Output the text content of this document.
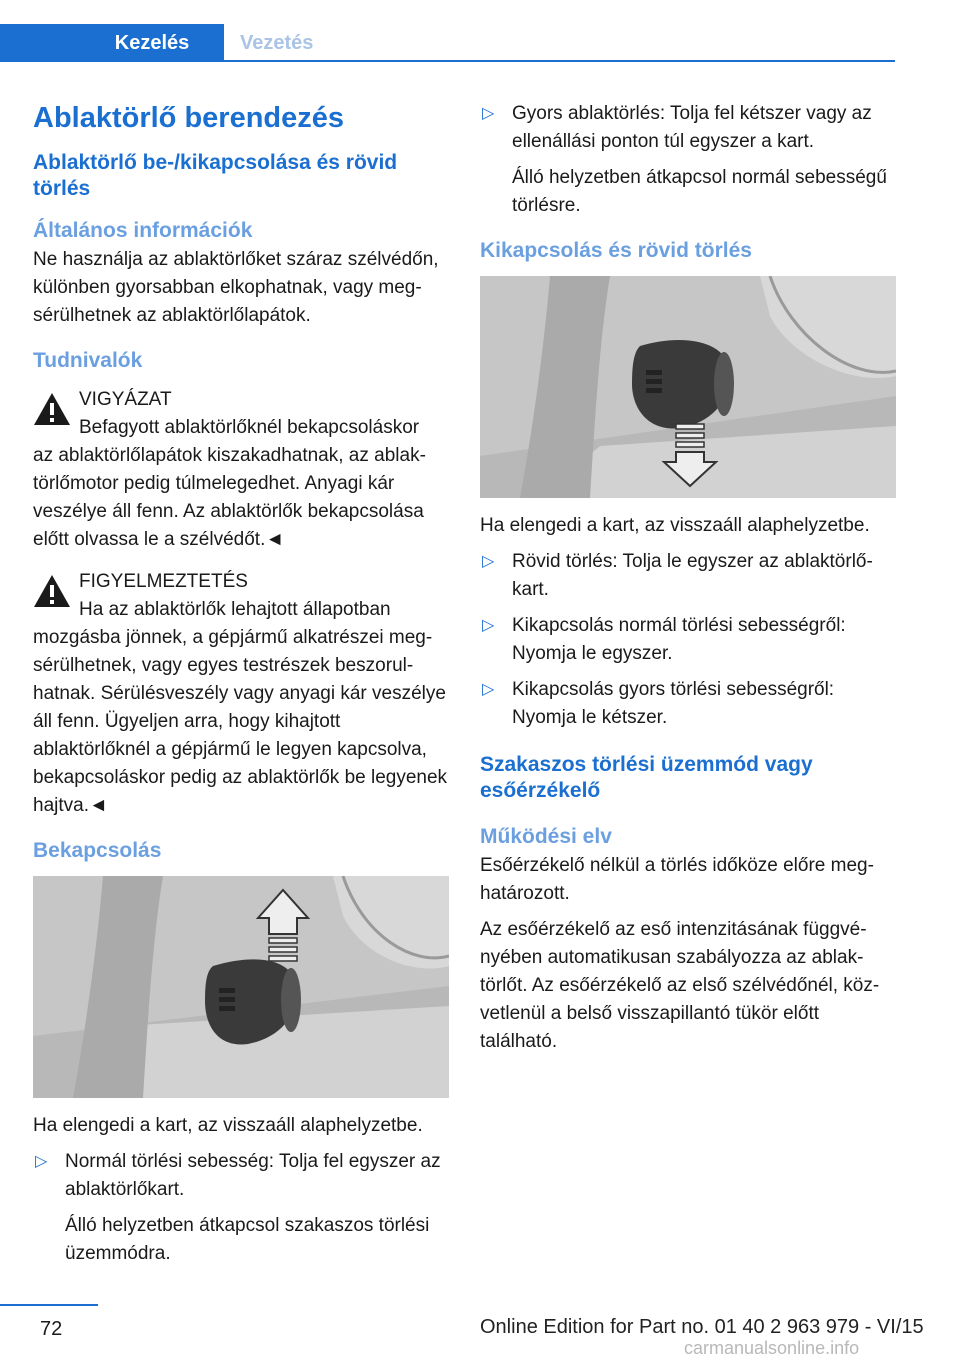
Kezelés	Vezetés
Ablaktörlő berendezés
Ablaktörlő be-/kikapcsolása és rövid törlés
Általános információk
Ne használja az ablaktörlőket száraz szélvédőn, különben gyorsabban elkophatnak, vagy megsérülhetnek az ablaktörlőlapátok.
Tudnivalók
VIGYÁZAT
Befagyott ablaktörlőknél bekapcsoláskor
az ablaktörlőlapátok kiszakadhatnak, az ablaktörlőmotor pedig túlmelegedhet. Anyagi kár veszélye áll fenn. Az ablaktörlők bekapcsolása előtt olvassa le a szélvédőt.◄
FIGYELMEZTETÉS
Ha az ablaktörlők lehajtott állapotban
mozgásba jönnek, a gépjármű alkatrészei megsérülhetnek, vagy egyes testrészek beszorulhatnak. Sérülésveszély vagy anyagi kár veszélye áll fenn. Ügyeljen arra, hogy kihajtott ablaktörlőknél a gépjármű le legyen kapcsolva, bekapcsoláskor pedig az ablaktörlők be legyenek hajtva.◄
Bekapcsolás
Ha elengedi a kart, az visszaáll alaphelyzetbe.
▷ Normál törlési sebesség: Tolja fel egyszer az ablaktörlőkart.
Álló helyzetben átkapcsol szakaszos törlési üzemmódra.
▷ Gyors ablaktörlés: Tolja fel kétszer vagy az ellenállási ponton túl egyszer a kart.
Álló helyzetben átkapcsol normál sebességű törlésre.
Kikapcsolás és rövid törlés
Ha elengedi a kart, az visszaáll alaphelyzetbe.
▷ Rövid törlés: Tolja le egyszer az ablaktörlőkart.
▷ Kikapcsolás normál törlési sebességről: Nyomja le egyszer.
▷ Kikapcsolás gyors törlési sebességről: Nyomja le kétszer.
Szakaszos törlési üzemmód vagy esőérzékelő
Működési elv
Esőérzékelő nélkül a törlés időköze előre meghatározott.
Az esőérzékelő az eső intenzitásának függvényében automatikusan szabályozza az ablaktörlőt. Az esőérzékelő az első szélvédőnél, közvetlenül a belső visszapillantó tükör előtt található.
72	Online Edition for Part no. 01 40 2 963 979 - VI/15
carmanualsonline.info
